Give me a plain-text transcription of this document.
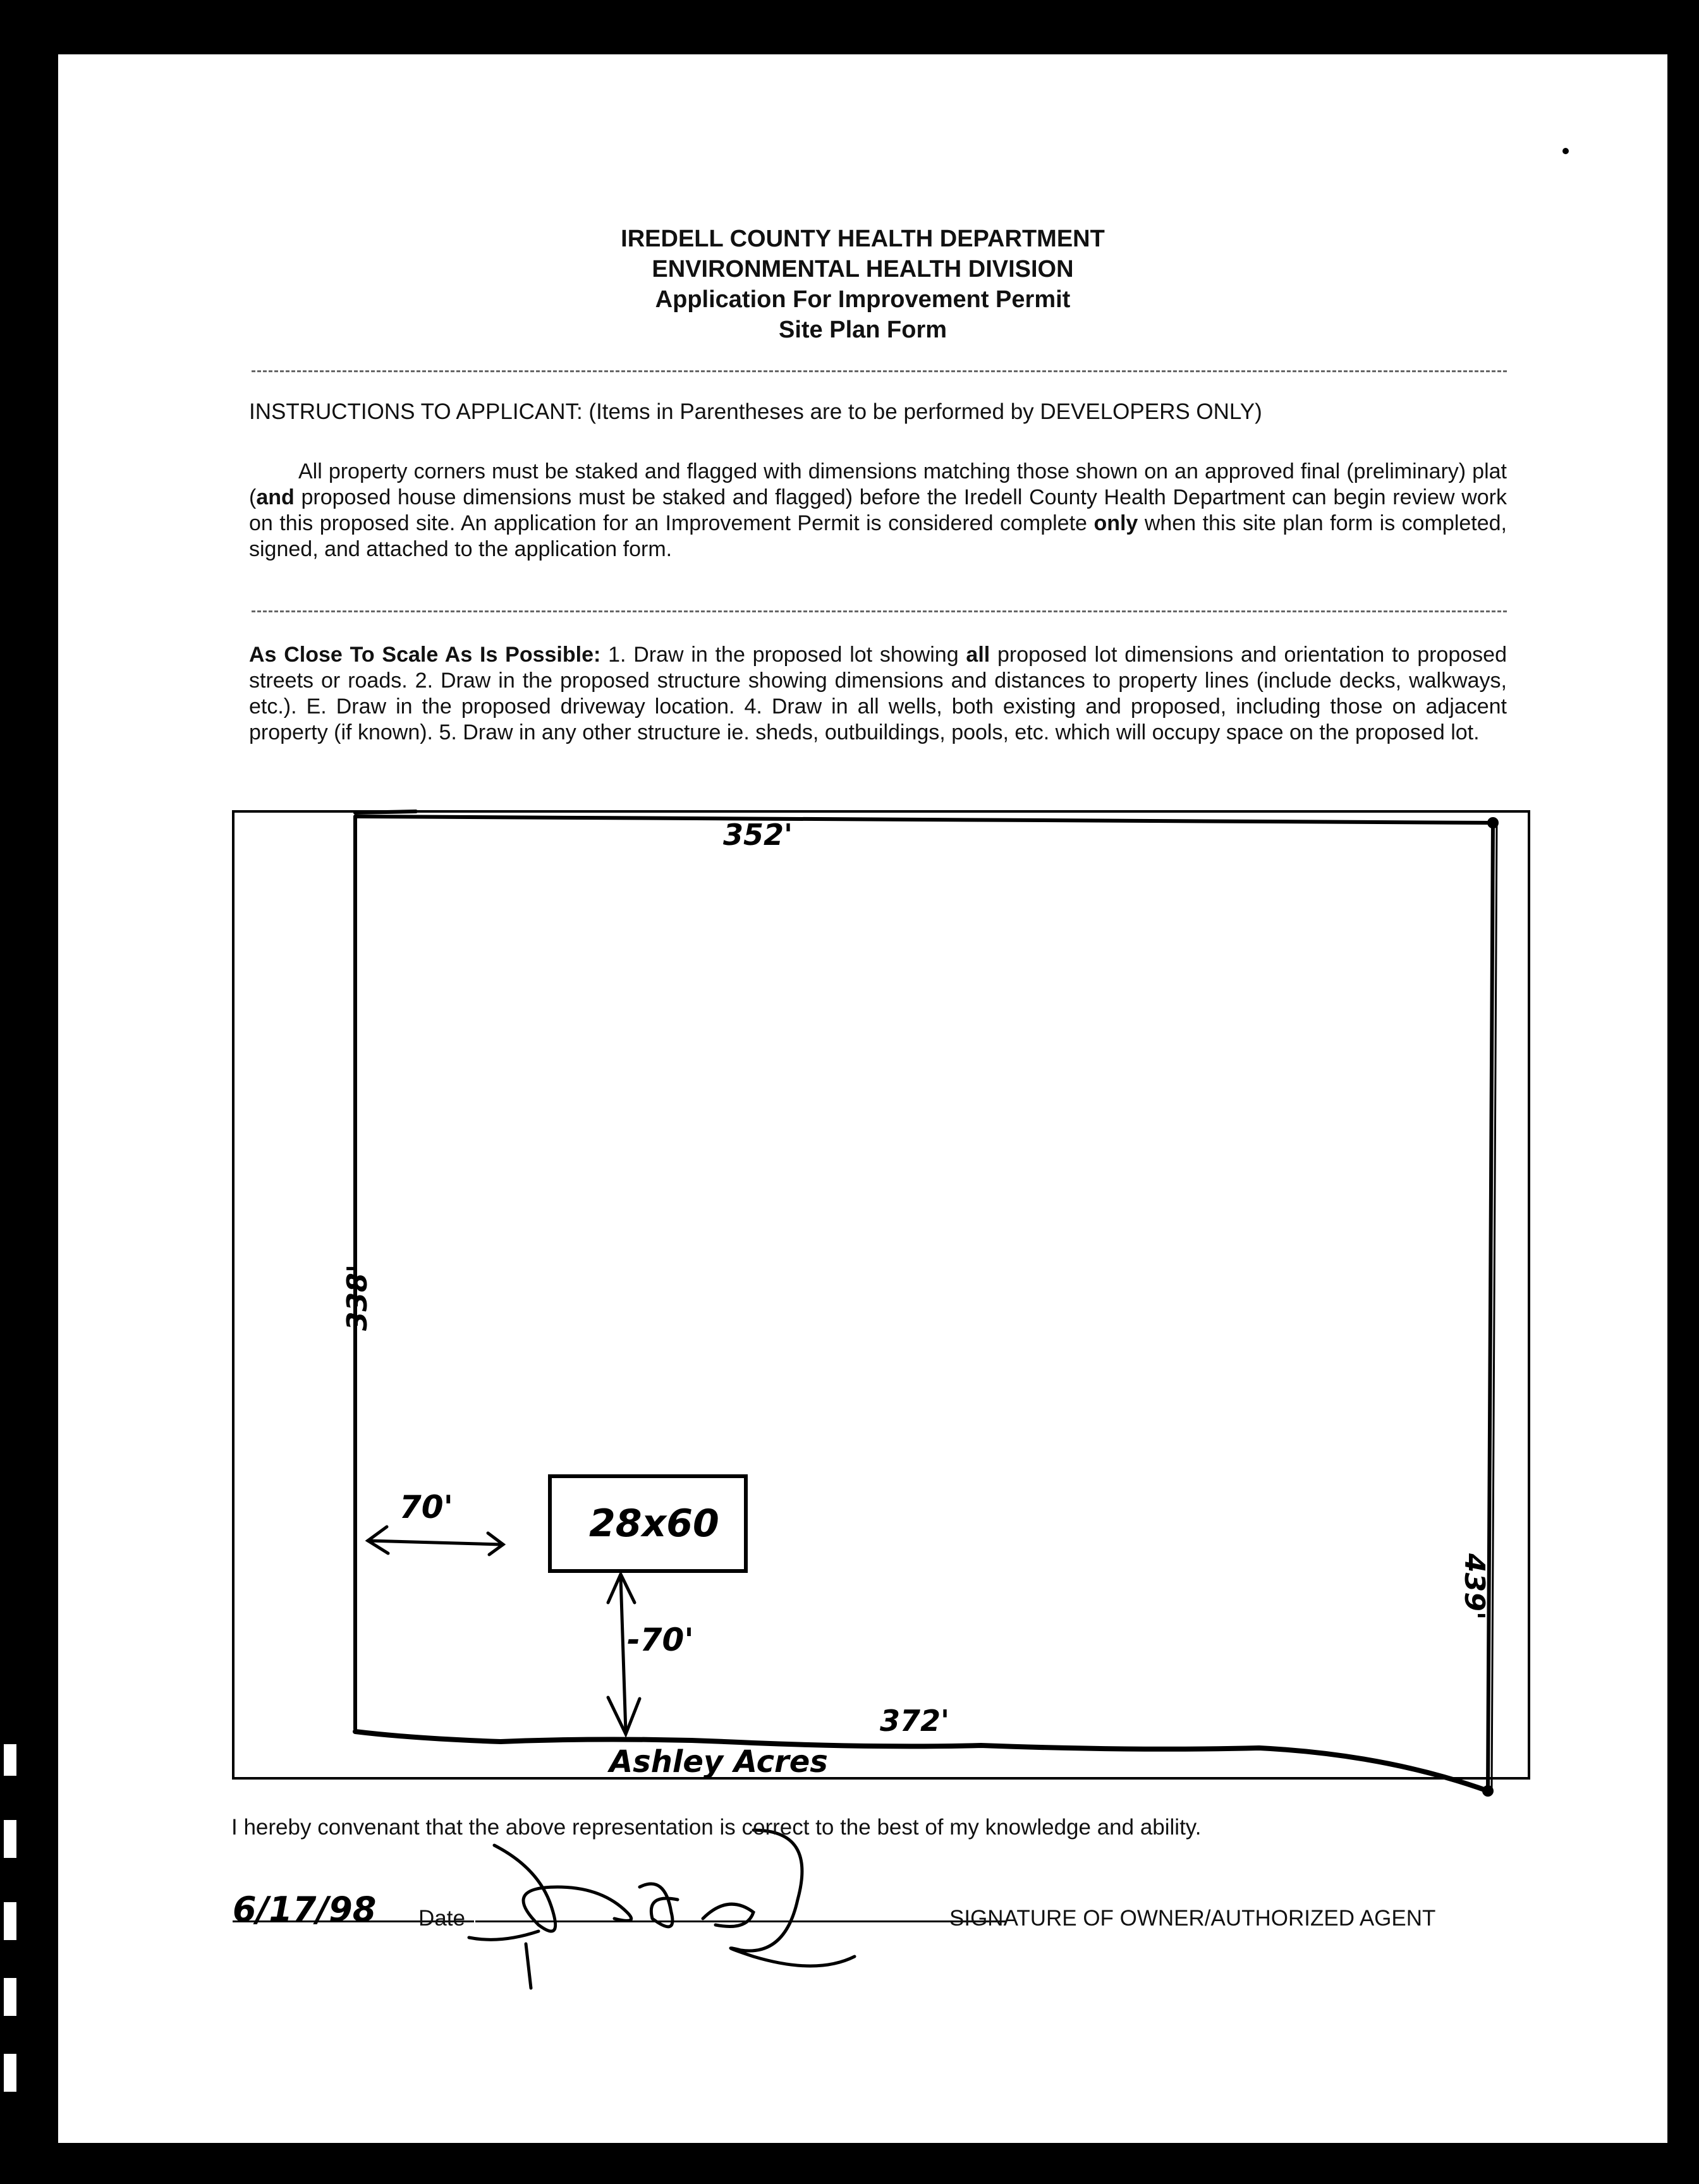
IREDELL COUNTY HEALTH DEPARTMENT
ENVIRONMENTAL HEALTH DIVISION
Application For Improvement Permit
Site Plan Form
INSTRUCTIONS TO APPLICANT: (Items in Parentheses are to be performed by DEVELOPERS ONLY)
All property corners must be staked and flagged with dimensions matching those shown on an approved final (preliminary) plat (and proposed house dimensions must be staked and flagged) before the Iredell County Health Department can begin review work on this proposed site. An application for an Improvement Permit is considered complete only when this site plan form is completed, signed, and attached to the application form.
As Close To Scale As Is Possible: 1. Draw in the proposed lot showing all proposed lot dimensions and orientation to proposed streets or roads. 2. Draw in the proposed structure showing dimensions and distances to property lines (include decks, walkways, etc.). E. Draw in the proposed driveway location. 4. Draw in all wells, both existing and proposed, including those on adjacent property (if known). 5. Draw in any other structure ie. sheds, outbuildings, pools, etc. which will occupy space on the proposed lot.
352'
338'
439'
372'
28x60
70'
-70'
Ashley Acres
I hereby convenant that the above representation is correct to the best of my knowledge and ability.
6/17/98 Date	SIGNATURE OF OWNER/AUTHORIZED AGENT
